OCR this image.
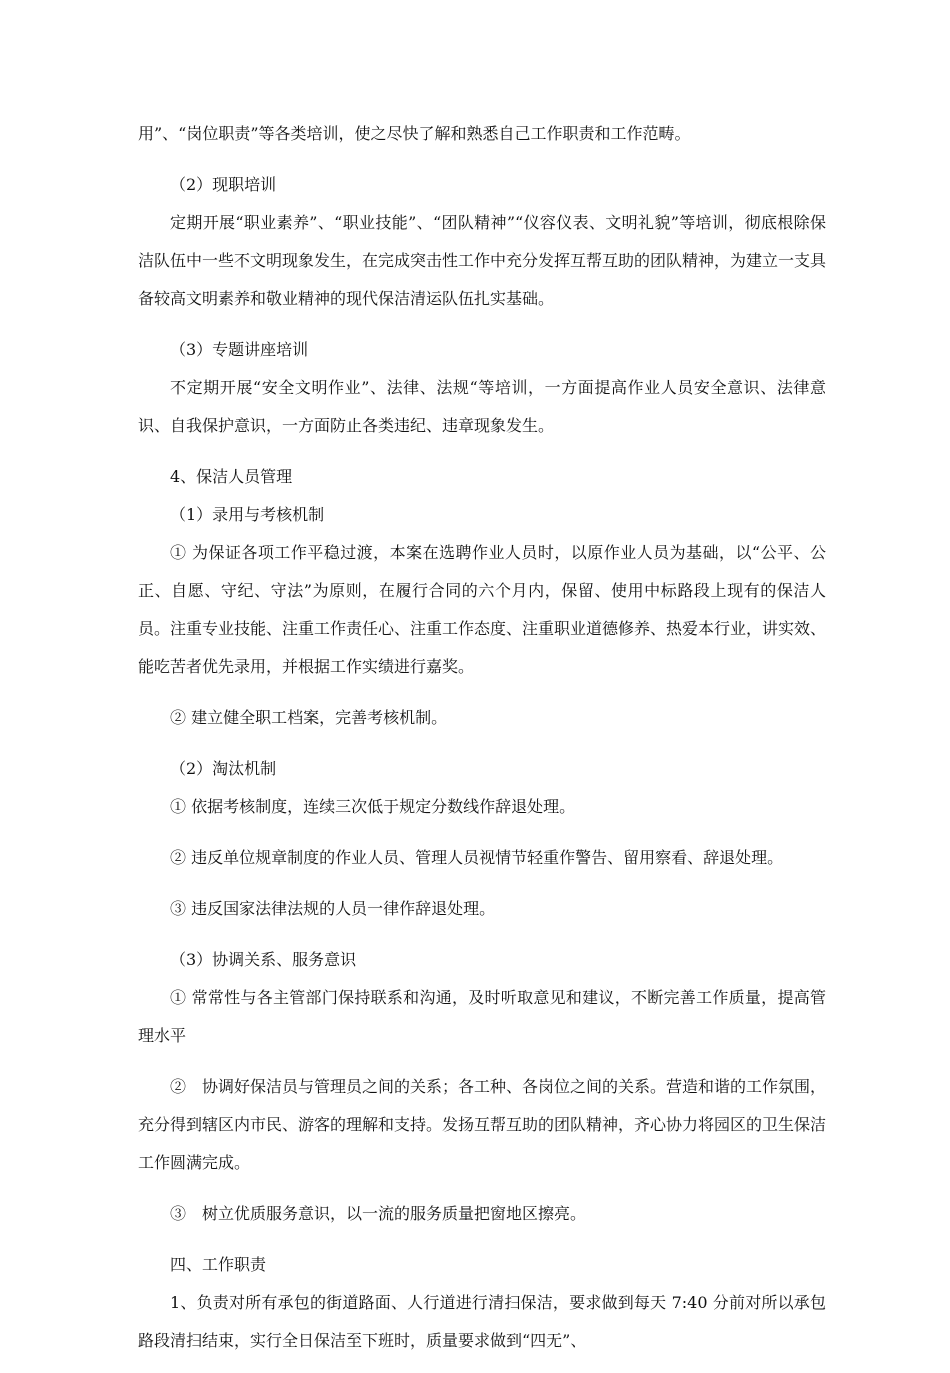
用”、“岗位职责”等各类培训，使之尽快了解和熟悉自己工作职责和工作范畴。

（2）现职培训

定期开展“职业素养”、“职业技能”、“团队精神”“仪容仪表、文明礼貌”等培训，彻底根除保洁队伍中一些不文明现象发生，在完成突击性工作中充分发挥互帮互助的团队精神，为建立一支具备较高文明素养和敬业精神的现代保洁清运队伍扎实基础。

（3）专题讲座培训

不定期开展“安全文明作业”、法律、法规“等培训，一方面提高作业人员安全意识、法律意识、自我保护意识，一方面防止各类违纪、违章现象发生。

4、保洁人员管理

（1）录用与考核机制

① 为保证各项工作平稳过渡，本案在选聘作业人员时，以原作业人员为基础，以“公平、公正、自愿、守纪、守法”为原则，在履行合同的六个月内，保留、使用中标路段上现有的保洁人员。注重专业技能、注重工作责任心、注重工作态度、注重职业道德修养、热爱本行业，讲实效、能吃苦者优先录用，并根据工作实绩进行嘉奖。

② 建立健全职工档案，完善考核机制。

（2）淘汰机制

① 依据考核制度，连续三次低于规定分数线作辞退处理。

② 违反单位规章制度的作业人员、管理人员视情节轻重作警告、留用察看、辞退处理。

③ 违反国家法律法规的人员一律作辞退处理。

（3）协调关系、服务意识

① 常常性与各主管部门保持联系和沟通，及时听取意见和建议，不断完善工作质量，提高管理水平

②　协调好保洁员与管理员之间的关系；各工种、各岗位之间的关系。营造和谐的工作氛围，充分得到辖区内市民、游客的理解和支持。发扬互帮互助的团队精神，齐心协力将园区的卫生保洁工作圆满完成。

③　树立优质服务意识，以一流的服务质量把窗地区擦亮。

四、工作职责

1、负责对所有承包的街道路面、人行道进行清扫保洁，要求做到每天 7:40 分前对所以承包路段清扫结束，实行全日保洁至下班时，质量要求做到“四无”、
